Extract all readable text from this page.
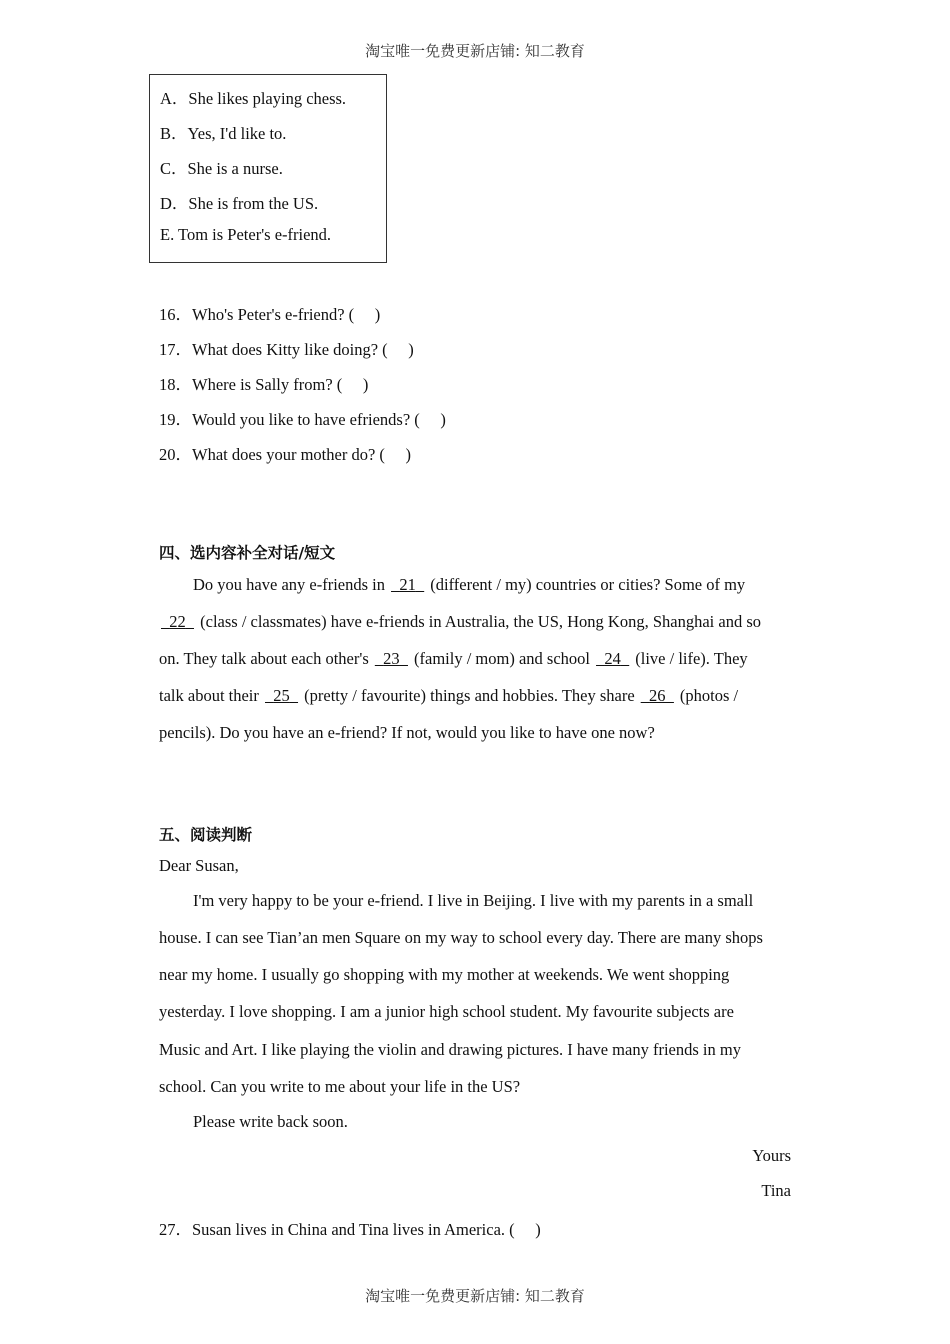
淘宝唯一免费更新店铺: 知二教育
A．She likes playing chess.
B．Yes, I'd like to.
C．She is a nurse.
D．She is from the US.
E. Tom is Peter's e-friend.
16．Who's Peter's e-friend? (　 )
17．What does Kitty like doing? (　 )
18．Where is Sally from? (　 )
19．Would you like to have efriends? (　 )
20．What does your mother do? (　 )
四、选内容补全对话/短文
Do you have any e-friends in 21 (different / my) countries or cities? Some of my
22 (class / classmates) have e-friends in Australia, the US, Hong Kong, Shanghai and so
on. They talk about each other's 23 (family / mom) and school 24 (live / life). They
talk about their 25 (pretty / favourite) things and hobbies. They share 26 (photos /
pencils). Do you have an e-friend? If not, would you like to have one now?
五、阅读判断
Dear Susan,
I'm very happy to be your e-friend. I live in Beijing. I live with my parents in a small
house. I can see Tian’an men Square on my way to school every day. There are many shops
near my home. I usually go shopping with my mother at weekends. We went shopping
yesterday. I love shopping. I am a junior high school student. My favourite subjects are
Music and Art. I like playing the violin and drawing pictures. I have many friends in my
school. Can you write to me about your life in the US?
Please write back soon.
Yours
Tina
27．Susan lives in China and Tina lives in America. (　 )
淘宝唯一免费更新店铺: 知二教育
